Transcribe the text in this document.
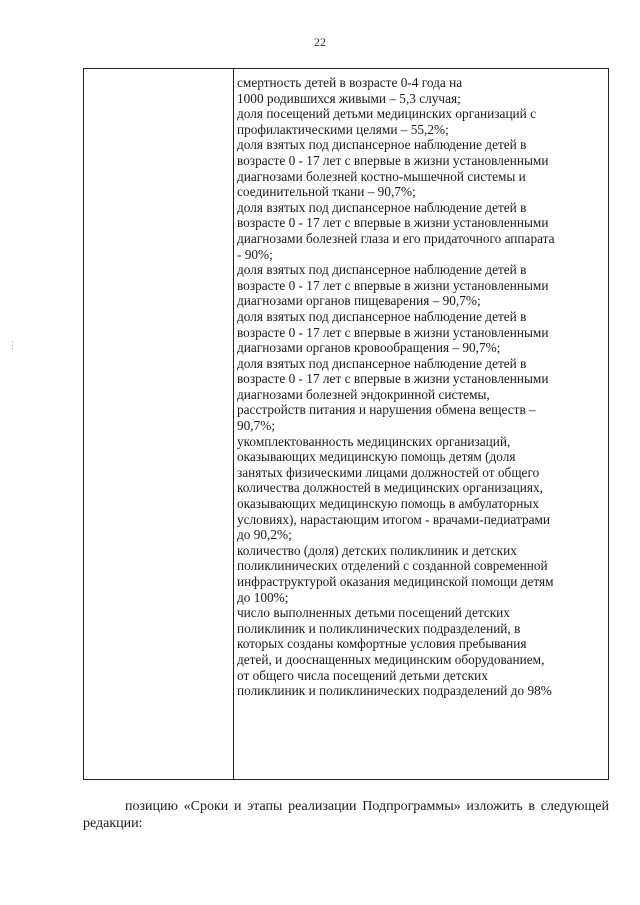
22
смертность детей в возрасте 0-4 года на
1000 родившихся живыми – 5,3 случая;
доля посещений детьми медицинских организаций с
профилактическими целями – 55,2%;
доля взятых под диспансерное наблюдение детей в
возрасте 0 - 17 лет с впервые в жизни установленными
диагнозами болезней костно-мышечной системы и
соединительной ткани – 90,7%;
доля взятых под диспансерное наблюдение детей в
возрасте 0 - 17 лет с впервые в жизни установленными
диагнозами болезней глаза и его придаточного аппарата
- 90%;
доля взятых под диспансерное наблюдение детей в
возрасте 0 - 17 лет с впервые в жизни установленными
диагнозами органов пищеварения – 90,7%;
доля взятых под диспансерное наблюдение детей в
возрасте 0 - 17 лет с впервые в жизни установленными
диагнозами органов кровообращения – 90,7%;
доля взятых под диспансерное наблюдение детей в
возрасте 0 - 17 лет с впервые в жизни установленными
диагнозами болезней эндокринной системы,
расстройств питания и нарушения обмена веществ –
90,7%;
укомплектованность медицинских организаций,
оказывающих медицинскую помощь детям (доля
занятых физическими лицами должностей от общего
количества должностей в медицинских организациях,
оказывающих медицинскую помощь в амбулаторных
условиях), нарастающим итогом - врачами-педиатрами
до 90,2%;
количество (доля) детских поликлиник и детских
поликлинических отделений с созданной современной
инфраструктурой оказания медицинской помощи детям
до 100%;
число выполненных детьми посещений детских
поликлиник и поликлинических подразделений, в
которых созданы комфортные условия пребывания
детей, и дооснащенных медицинским оборудованием,
от общего числа посещений детьми детских
поликлиник и поликлинических подразделений до 98%
позицию «Сроки и этапы реализации Подпрограммы» изложить в следующей редакции:
⋮
